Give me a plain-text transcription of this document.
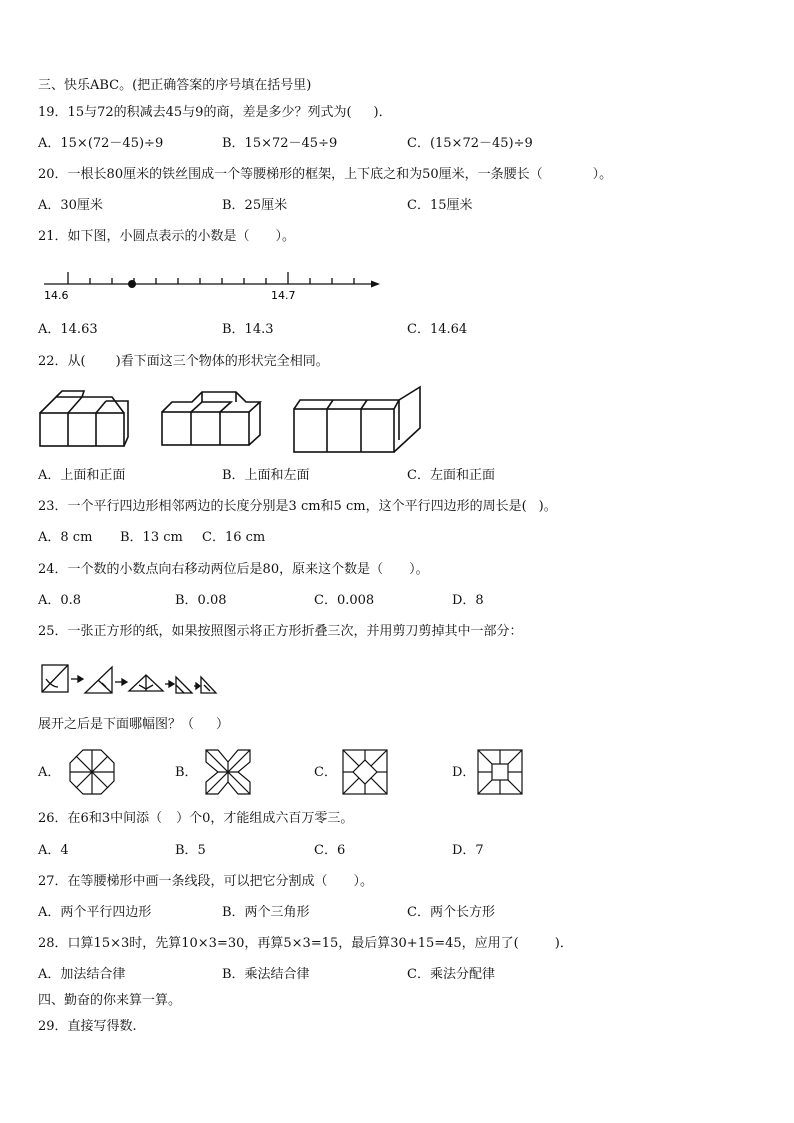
三、快乐ABC。(把正确答案的序号填在括号里)
19．15与72的积减去45与9的商，差是多少？列式为( )．
A．15×(72－45)÷9	B．15×72－45÷9	C．(15×72－45)÷9
20．一根长80厘米的铁丝围成一个等腰梯形的框架，上下底之和为50厘米，一条腰长（	）。
A．30厘米	B．25厘米	C．15厘米
21．如下图，小圆点表示的小数是（ ）。
14.6	14.7
A．14.63	B．14.3	C．14.64
22．从( )看下面这三个物体的形状完全相同。
A．上面和正面	B．上面和左面	C．左面和正面
23．一个平行四边形相邻两边的长度分别是3 cm和5 cm，这个平行四边形的周长是( )。
A．8 cm B．13 cm C．16 cm
24．一个数的小数点向右移动两位后是80，原来这个数是（ ）。
A．0.8	B．0.08	C．0.008	D．8
25．一张正方形的纸，如果按照图示将正方形折叠三次，并用剪刀剪掉其中一部分：
展开之后是下面哪幅图？（ ）
A．	B．	C．	D．
26．在6和3中间添（ ）个0，才能组成六百万零三。
A．4	B．5	C．6	D．7
27．在等腰梯形中画一条线段，可以把它分割成（ ）。
A．两个平行四边形	B．两个三角形	C．两个长方形
28．口算15×3时，先算10×3=30，再算5×3=15，最后算30+15=45，应用了(	)．
A．加法结合律	B．乘法结合律	C．乘法分配律
四、勤奋的你来算一算。
29．直接写得数.
